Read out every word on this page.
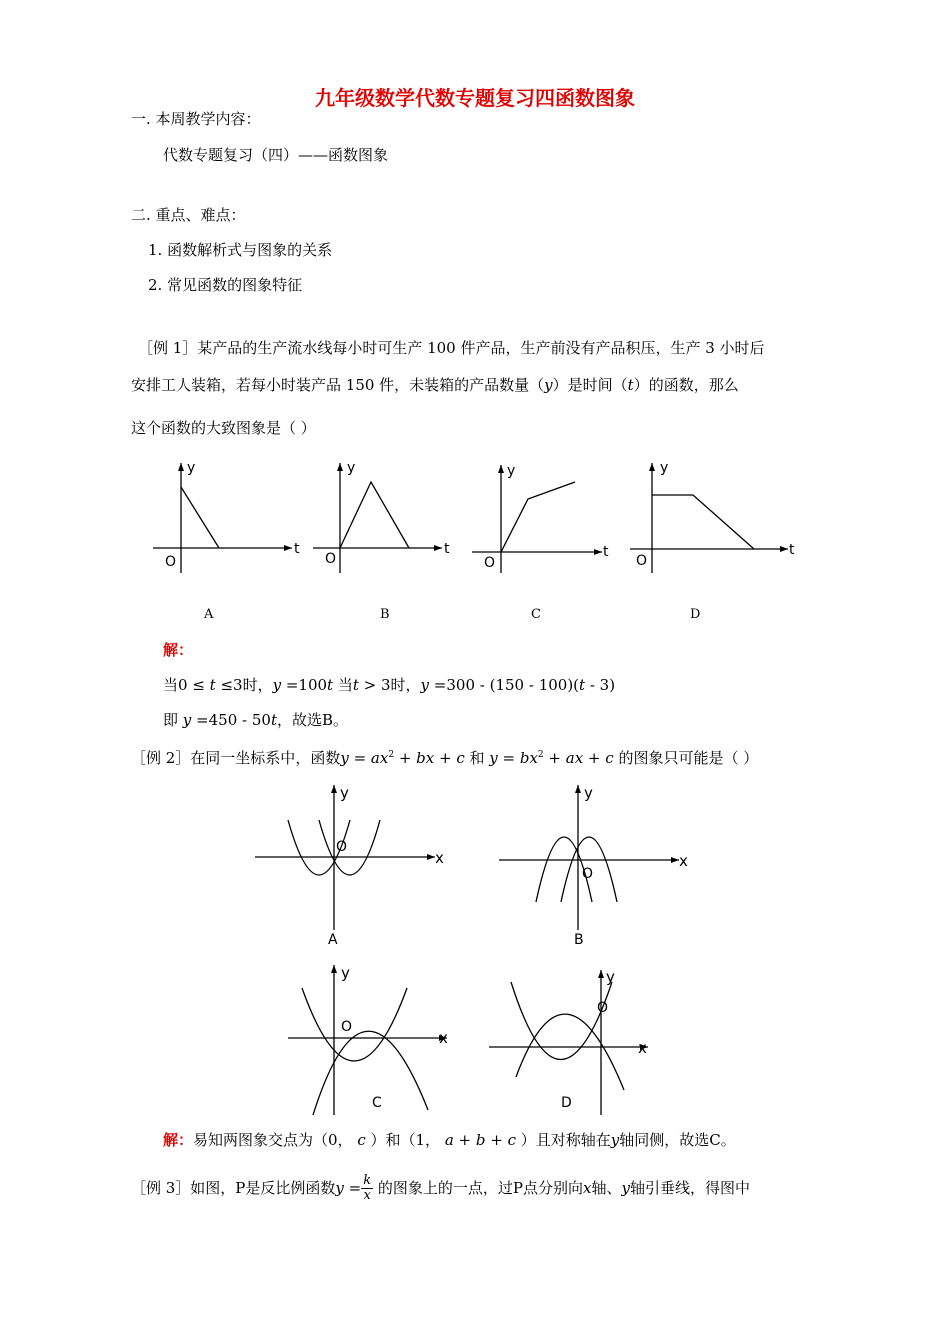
九年级数学代数专题复习四函数图象
一. 本周教学内容：
代数专题复习（四）——函数图象
二. 重点、难点：
1. 函数解析式与图象的关系
2. 常见函数的图象特征
［例 1］某产品的生产流水线每小时可生产 100 件产品，生产前没有产品积压，生产 3 小时后
安排工人装箱，若每小时装产品 150 件，未装箱的产品数量（y）是时间（t）的函数，那么
这个函数的大致图象是（ ）
y
t
O
y
t
O
y
t
O
y
t
O
A	B	C	D
解：
当0 ≤ t ≤3时，y =100t 当t > 3时，y =300 - (150 - 100)(t - 3)
即 y =450 - 50t，故选B。
［例 2］在同一坐标系中，函数$y = ax^2$ + bx + c 和 $y = bx^2$ + ax + c 的图象只可能是（ ）
y
x
O
y
x
O
A	B
y
x
O
y
x
O
C	D
解：易知两图象交点为（0， c ）和（1， a + b + c ）且对称轴在y轴同侧，故选C。
［例 3］如图，P是反比例函数$y = \frac{k}{x}$ 的图象上的一点，过P点分别向x轴、y轴引垂线，得图中
